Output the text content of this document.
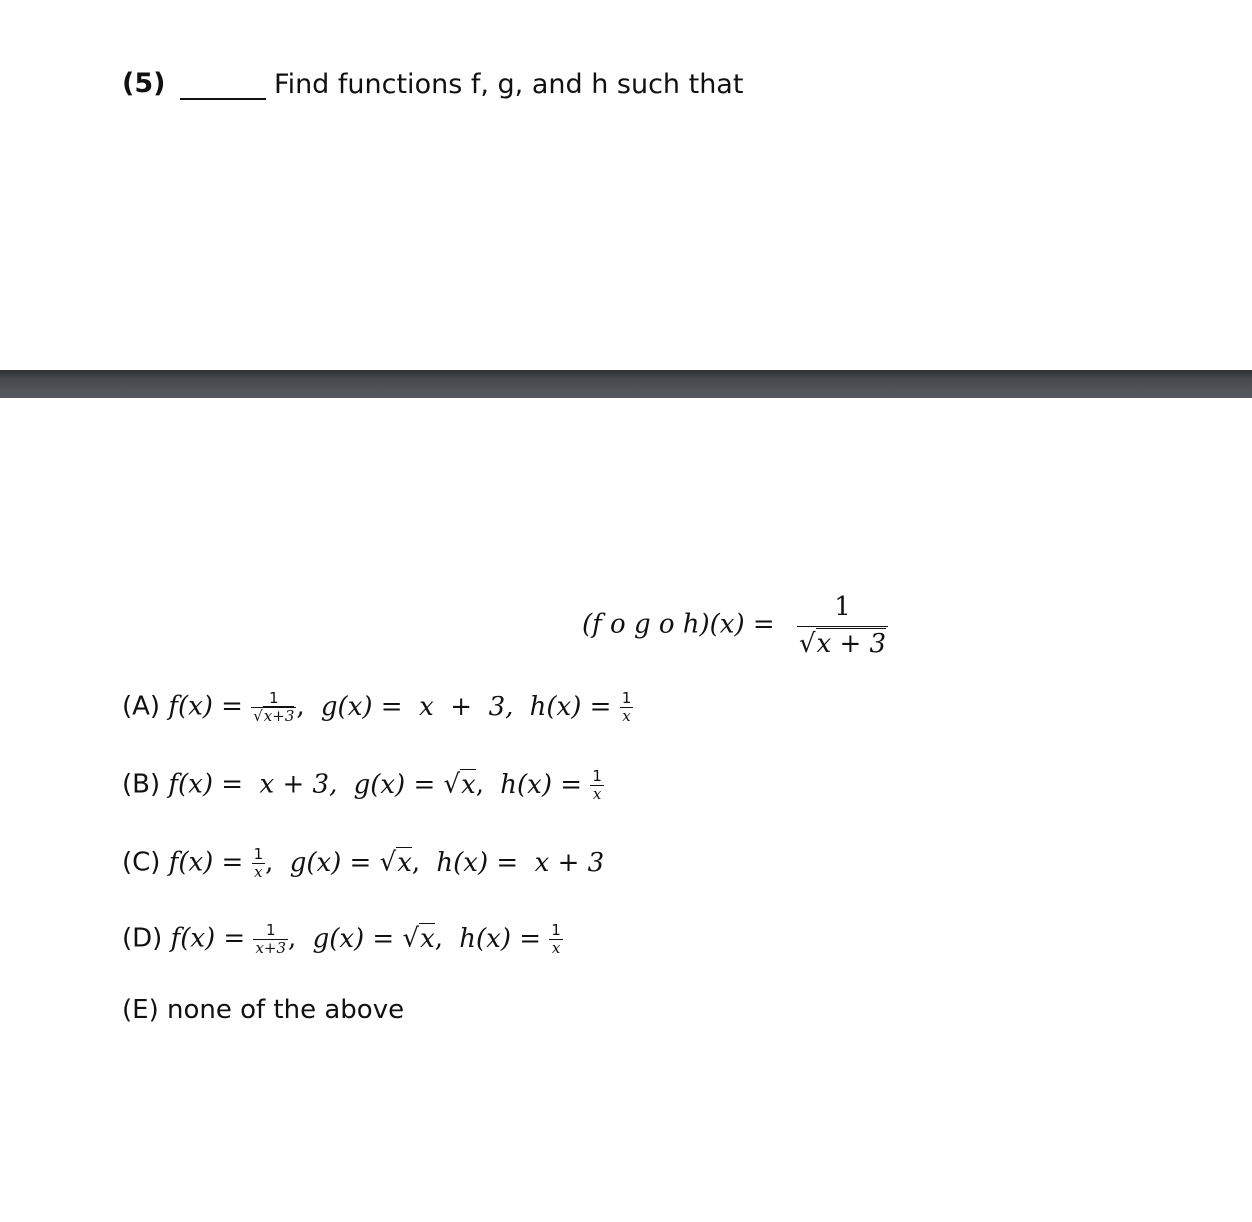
(5)	Find functions f, g, and h such that
(f o g o $h)(x) = \frac{1}{√x + 3}$
(A) $f(x) = \frac{1}{√x+3}$ , g(x) =  x  +  3, $h(x) = \frac{1}{x}$
(B) f(x) =  x + 3, g(x) = √x, $h(x) = \frac{1}{x}$
(C) $f(x) = \frac{1}{x}$ , g(x) = √x, h(x) =  x + 3
(D) $f(x) = \frac{1}{x+3}$ , g(x) = √x, $h(x) = \frac{1}{x}$
(E) none of the above
